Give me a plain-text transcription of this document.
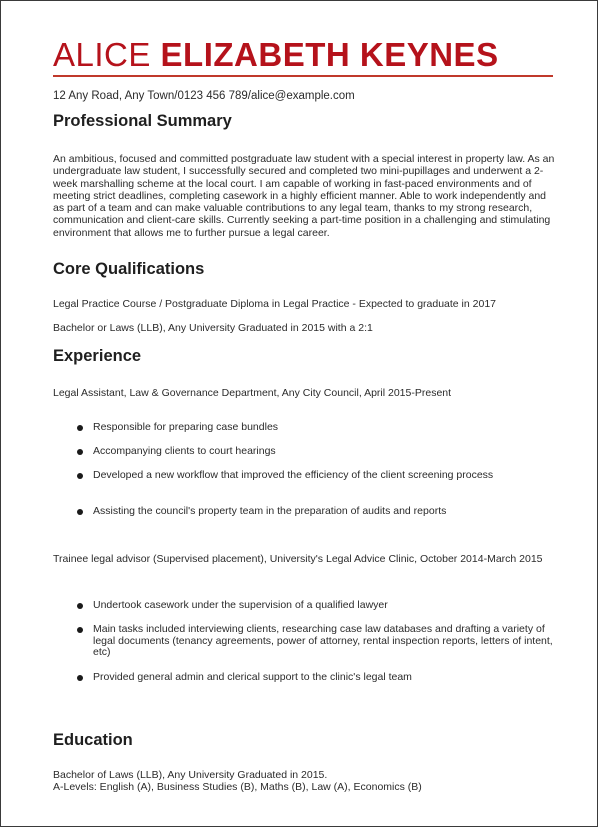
ALICE ELIZABETH KEYNES
12 Any Road, Any Town/0123 456 789/alice@example.com
Professional Summary

An ambitious, focused and committed postgraduate law student with a special interest in property law. As an undergraduate law student, I successfully secured and completed two mini-pupillages and underwent a 2-week marshalling scheme at the local court. I am capable of working in fast-paced environments and of meeting strict deadlines, completing casework in a highly efficient manner. Able to work independently and as part of a team and can make valuable contributions to any legal team, thanks to my strong research, communication and client-care skills. Currently seeking a part-time position in a challenging and stimulating environment that allows me to further pursue a legal career.

Core Qualifications

Legal Practice Course / Postgraduate Diploma in Legal Practice - Expected to graduate in 2017

Bachelor or Laws (LLB), Any University Graduated in 2015 with a 2:1

Experience

Legal Assistant, Law & Governance Department, Any City Council, April 2015-Present

Responsible for preparing case bundles
Accompanying clients to court hearings
Developed a new workflow that improved the efficiency of the client screening process
Assisting the council's property team in the preparation of audits and reports

Trainee legal advisor (Supervised placement), University's Legal Advice Clinic, October 2014-March 2015

Undertook casework under the supervision of a qualified lawyer
Main tasks included interviewing clients, researching case law databases and drafting a variety of legal documents (tenancy agreements, power of attorney, rental inspection reports, letters of intent, etc)
Provided general admin and clerical support to the clinic's legal team
Education

Bachelor of Laws (LLB), Any University Graduated in 2015.

A-Levels: English (A), Business Studies (B), Maths (B), Law (A), Economics (B)
